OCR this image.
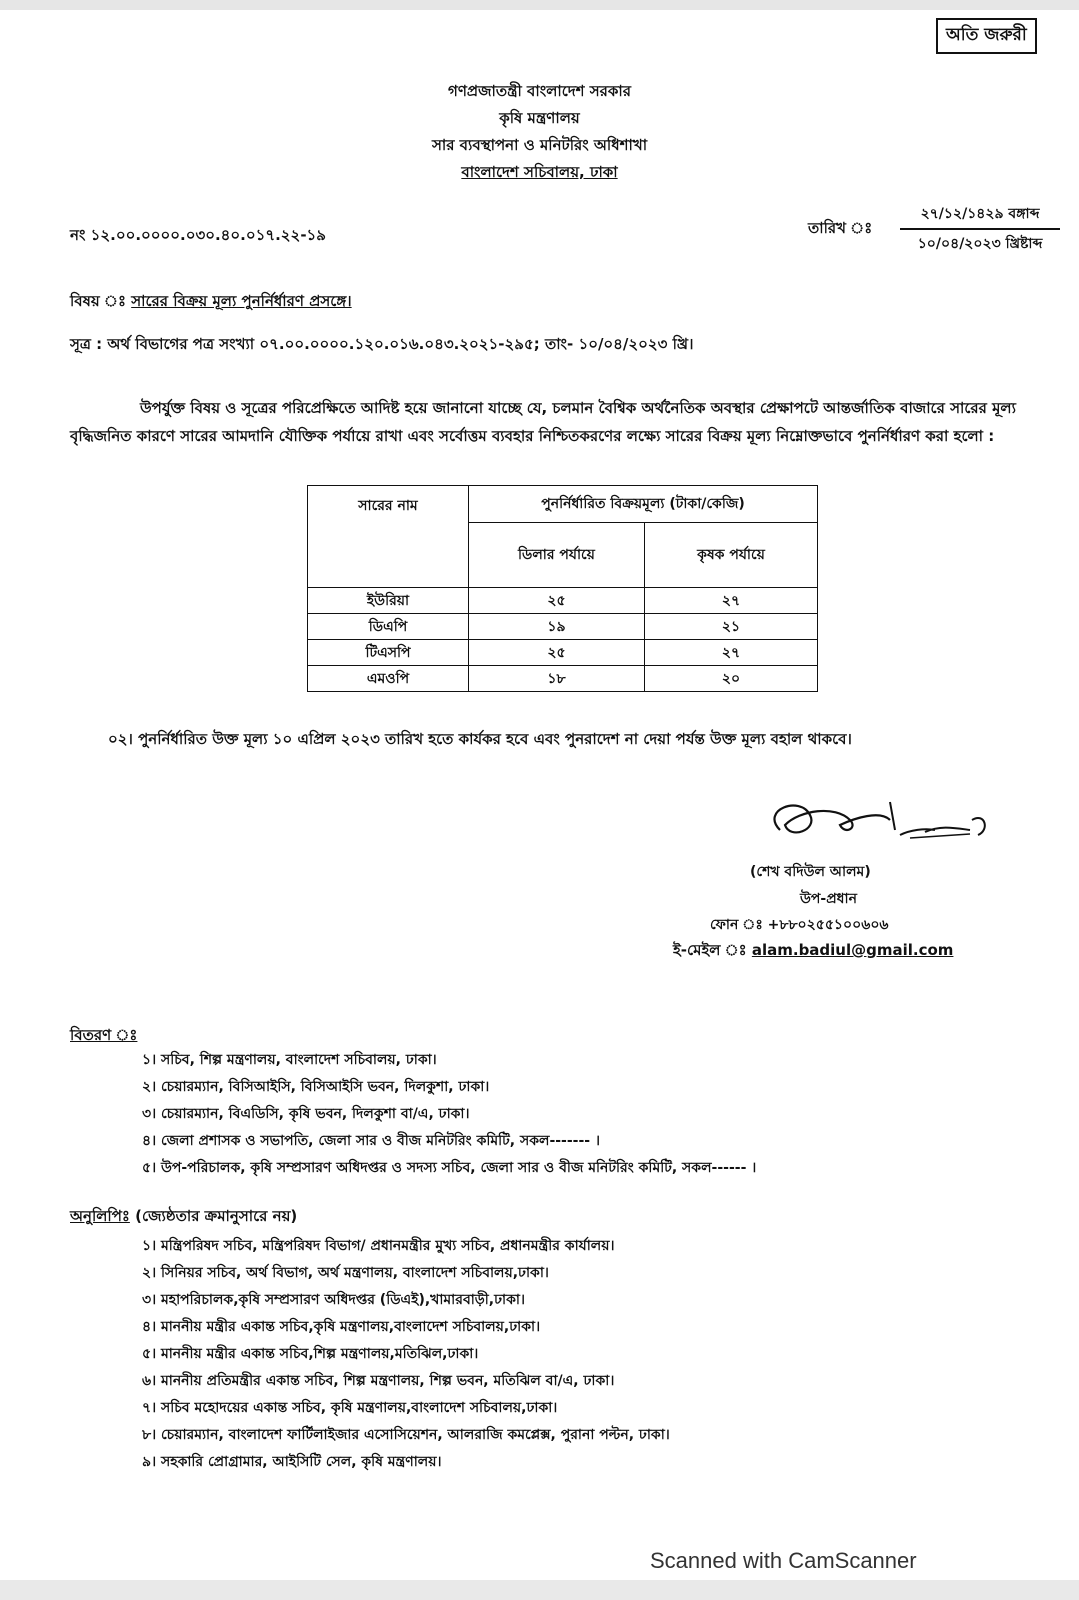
অতি জরুরী
গণপ্রজাতন্ত্রী বাংলাদেশ সরকার
কৃষি মন্ত্রণালয়
সার ব্যবস্থাপনা ও মনিটরিং অধিশাখা
বাংলাদেশ সচিবালয়, ঢাকা
নং ১২.০০.০০০০.০৩০.৪০.০১৭.২২-১৯	তারিখ ঃ
২৭/১২/১৪২৯ বঙ্গাব্দ
১০/০৪/২০২৩ খ্রিষ্টাব্দ
বিষয় ঃ সারের বিক্রয় মূল্য পুনর্নির্ধারণ প্রসঙ্গে।
সূত্র : অর্থ বিভাগের পত্র সংখ্যা ০৭.০০.০০০০.১২০.০১৬.০৪৩.২০২১-২৯৫; তাং- ১০/০৪/২০২৩ খ্রি।
উপর্যুক্ত বিষয় ও সূত্রের পরিপ্রেক্ষিতে আদিষ্ট হয়ে জানানো যাচ্ছে যে, চলমান বৈশ্বিক অর্থনৈতিক অবস্থার প্রেক্ষাপটে আন্তর্জাতিক বাজারে সারের মূল্য বৃদ্ধিজনিত কারণে সারের আমদানি যৌক্তিক পর্যায়ে রাখা এবং সর্বোত্তম ব্যবহার নিশ্চিতকরণের লক্ষ্যে সারের বিক্রয় মূল্য নিম্নোক্তভাবে পুনর্নির্ধারণ করা হলো :
সারের নাম	পুনর্নির্ধারিত বিক্রয়মূল্য (টাকা/কেজি)	
	ডিলার পর্যায়ে	কৃষক পর্যায়ে
ইউরিয়া	২৫	২৭
ডিএপি	১৯	২১
টিএসপি	২৫	২৭
এমওপি	১৮	২০
০২। পুনর্নির্ধারিত উক্ত মূল্য ১০ এপ্রিল ২০২৩ তারিখ হতে কার্যকর হবে এবং পুনরাদেশ না দেয়া পর্যন্ত উক্ত মূল্য বহাল থাকবে।
(শেখ বদিউল আলম)
উপ-প্রধান
ফোন ঃ +৮৮০২৫৫১০০৬০৬
ই-মেইল ঃ alam.badiul@gmail.com
বিতরণ ঃ
১। সচিব, শিল্প মন্ত্রণালয়, বাংলাদেশ সচিবালয়, ঢাকা।
২। চেয়ারম্যান, বিসিআইসি, বিসিআইসি ভবন, দিলকুশা, ঢাকা।
৩। চেয়ারম্যান, বিএডিসি, কৃষি ভবন, দিলকুশা বা/এ, ঢাকা।
৪। জেলা প্রশাসক ও সভাপতি, জেলা সার ও বীজ মনিটরিং কমিটি, সকল------- ।
৫। উপ-পরিচালক, কৃষি সম্প্রসারণ অধিদপ্তর ও সদস্য সচিব, জেলা সার ও বীজ মনিটরিং কমিটি, সকল------ ।
অনুলিপিঃ (জ্যেষ্ঠতার ক্রমানুসারে নয়)
১। মন্ত্রিপরিষদ সচিব, মন্ত্রিপরিষদ বিভাগ/ প্রধানমন্ত্রীর মুখ্য সচিব, প্রধানমন্ত্রীর কার্যালয়।
২। সিনিয়র সচিব, অর্থ বিভাগ, অর্থ মন্ত্রণালয়, বাংলাদেশ সচিবালয়,ঢাকা।
৩। মহাপরিচালক,কৃষি সম্প্রসারণ অধিদপ্তর (ডিএই),খামারবাড়ী,ঢাকা।
৪। মাননীয় মন্ত্রীর একান্ত সচিব,কৃষি মন্ত্রণালয়,বাংলাদেশ সচিবালয়,ঢাকা।
৫। মাননীয় মন্ত্রীর একান্ত সচিব,শিল্প মন্ত্রণালয়,মতিঝিল,ঢাকা।
৬। মাননীয় প্রতিমন্ত্রীর একান্ত সচিব, শিল্প মন্ত্রণালয়, শিল্প ভবন, মতিঝিল বা/এ, ঢাকা।
৭। সচিব মহোদয়ের একান্ত সচিব, কৃষি মন্ত্রণালয়,বাংলাদেশ সচিবালয়,ঢাকা।
৮। চেয়ারম্যান, বাংলাদেশ ফার্টিলাইজার এসোসিয়েশন, আলরাজি কমপ্লেক্স, পুরানা পল্টন, ঢাকা।
৯। সহকারি প্রোগ্রামার, আইসিটি সেল, কৃষি মন্ত্রণালয়।
Scanned with CamScanner
